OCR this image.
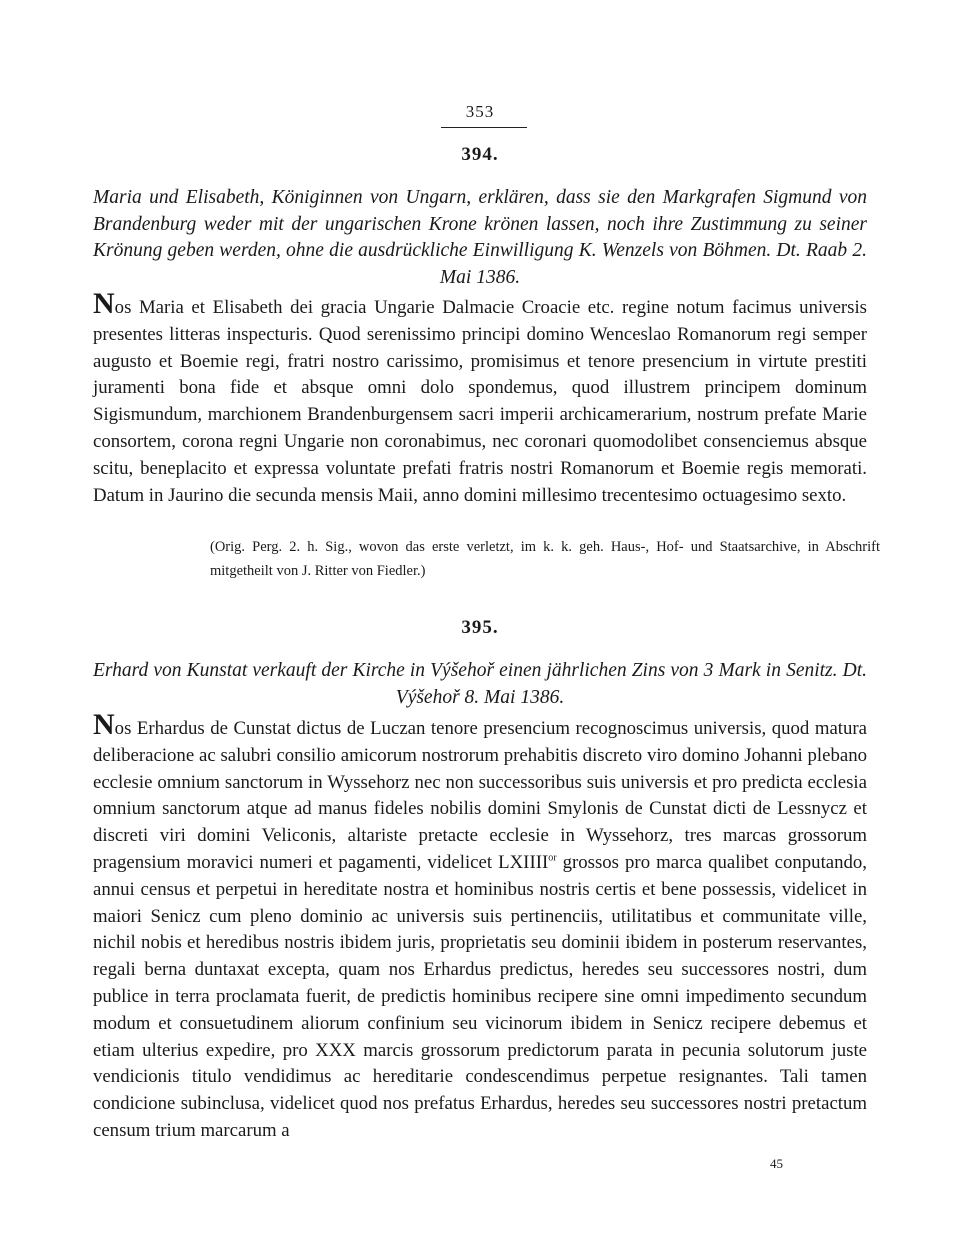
353
394.
Maria und Elisabeth, Königinnen von Ungarn, erklären, dass sie den Markgrafen Sigmund von Brandenburg weder mit der ungarischen Krone krönen lassen, noch ihre Zustimmung zu seiner Krönung geben werden, ohne die ausdrückliche Einwilligung K. Wenzels von Böhmen. Dt. Raab 2. Mai 1386.

Nos Maria et Elisabeth dei gracia Ungarie Dalmacie Croacie etc. regine notum facimus universis presentes litteras inspecturis. Quod serenissimo principi domino Wenceslao Romanorum regi semper augusto et Boemie regi, fratri nostro carissimo, promisimus et tenore presencium in virtute prestiti juramenti bona fide et absque omni dolo spondemus, quod illustrem principem dominum Sigismundum, marchionem Brandenburgensem sacri imperii archicamerarium, nostrum prefate Marie consortem, corona regni Ungarie non coronabimus, nec coronari quomodolibet consenciemus absque scitu, beneplacito et expressa voluntate prefati fratris nostri Romanorum et Boemie regis memorati. Datum in Jaurino die secunda mensis Maii, anno domini millesimo trecentesimo octuagesimo sexto.

(Orig. Perg. 2. h. Sig., wovon das erste verletzt, im k. k. geh. Haus-, Hof- und Staatsarchive, in Abschrift mitgetheilt von J. Ritter von Fiedler.)
395.
Erhard von Kunstat verkauft der Kirche in Výšehoř einen jährlichen Zins von 3 Mark in Senitz. Dt. Výšehoř 8. Mai 1386.

Nos Erhardus de Cunstat dictus de Luczan tenore presencium recognoscimus universis, quod matura deliberacione ac salubri consilio amicorum nostrorum prehabitis discreto viro domino Johanni plebano ecclesie omnium sanctorum in Wyssehorz nec non successoribus suis universis et pro predicta ecclesia omnium sanctorum atque ad manus fideles nobilis domini Smylonis de Cunstat dicti de Lessnycz et discreti viri domini Veliconis, altariste pretacte ecclesie in Wyssehorz, tres marcas grossorum pragensium moravici numeri et pagamenti, videlicet $LXIIII^{or}$ grossos pro marca qualibet conputando, annui census et perpetui in hereditate nostra et hominibus nostris certis et bene possessis, videlicet in maiori Senicz cum pleno dominio ac universis suis pertinenciis, utilitatibus et communitate ville, nichil nobis et heredibus nostris ibidem juris, proprietatis seu dominii ibidem in posterum reservantes, regali berna duntaxat excepta, quam nos Erhardus predictus, heredes seu successores nostri, dum publice in terra proclamata fuerit, de predictis hominibus recipere sine omni impedimento secundum modum et consuetudinem aliorum confinium seu vicinorum ibidem in Senicz recipere debemus et etiam ulterius expedire, pro XXX marcis grossorum predictorum parata in pecunia solutorum juste vendicionis titulo vendidimus ac hereditarie condescendimus perpetue resignantes. Tali tamen condicione subinclusa, videlicet quod nos prefatus Erhardus, heredes seu successores nostri pretactum censum trium marcarum a

45
